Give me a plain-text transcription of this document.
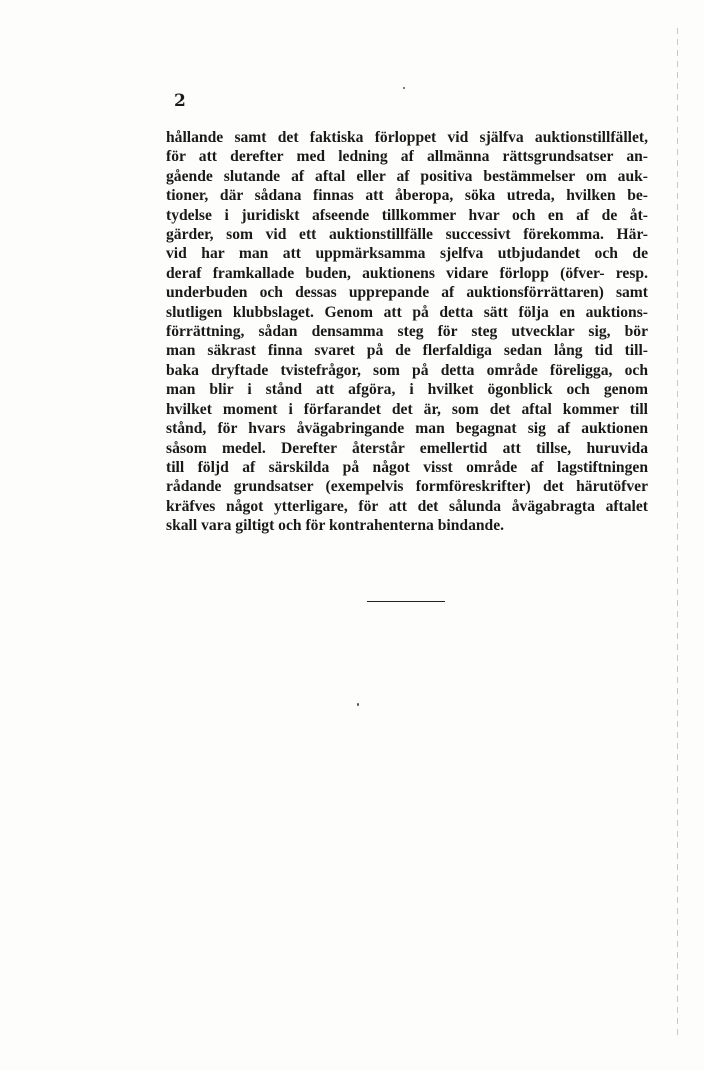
2

hållande samt det faktiska förloppet vid själfva auktionstillfället,
för att derefter med ledning af allmänna rättsgrundsatser an-
gående slutande af aftal eller af positiva bestämmelser om auk-
tioner, där sådana finnas att åberopa, söka utreda, hvilken be-
tydelse i juridiskt afseende tillkommer hvar och en af de åt-
gärder, som vid ett auktionstillfälle successivt förekomma. Här-
vid har man att uppmärksamma sjelfva utbjudandet och de
deraf framkallade buden, auktionens vidare förlopp (öfver- resp.
underbuden och dessas upprepande af auktionsförrättaren) samt
slutligen klubbslaget. Genom att på detta sätt följa en auktions-
förrättning, sådan densamma steg för steg utvecklar sig, bör
man säkrast finna svaret på de flerfaldiga sedan lång tid till-
baka dryftade tvistefrågor, som på detta område föreligga, och
man blir i stånd att afgöra, i hvilket ögonblick och genom
hvilket moment i förfarandet det är, som det aftal kommer till
stånd, för hvars åvägabringande man begagnat sig af auktionen
såsom medel. Derefter återstår emellertid att tillse, huruvida
till följd af särskilda på något visst område af lagstiftningen
rådande grundsatser (exempelvis formföreskrifter) det härutöfver
kräfves något ytterligare, för att det sålunda åvägabragta aftalet
skall vara giltigt och för kontrahenterna bindande.
